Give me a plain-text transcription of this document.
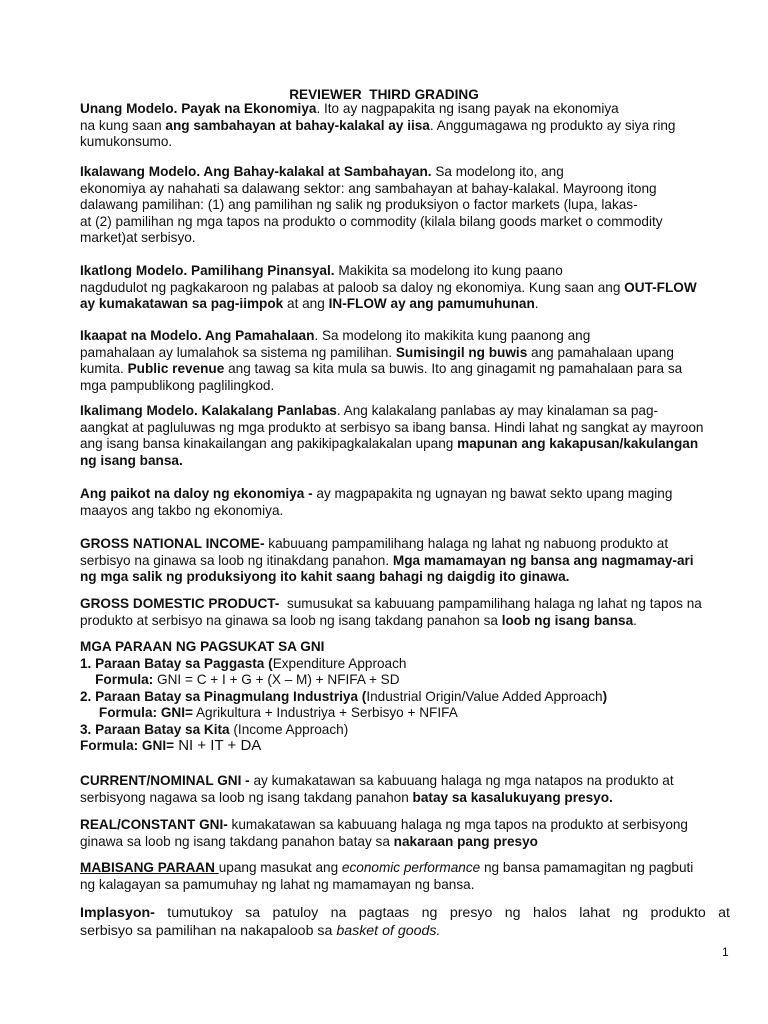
REVIEWER  THIRD GRADING
Unang Modelo. Payak na Ekonomiya. Ito ay nagpapakita ng isang payak na ekonomiya
na kung saan ang sambahayan at bahay-kalakal ay iisa. Anggumagawa ng produkto ay siya ring
kumukonsumo.
Ikalawang Modelo. Ang Bahay-kalakal at Sambahayan. Sa modelong ito, ang
ekonomiya ay nahahati sa dalawang sektor: ang sambahayan at bahay-kalakal. Mayroong itong
dalawang pamilihan: (1) ang pamilihan ng salik ng produksiyon o factor markets (lupa, lakas-
at (2) pamilihan ng mga tapos na produkto o commodity (kilala bilang goods market o commodity
market)at serbisyo.
Ikatlong Modelo. Pamilihang Pinansyal. Makikita sa modelong ito kung paano
nagdudulot ng pagkakaroon ng palabas at paloob sa daloy ng ekonomiya. Kung saan ang OUT-FLOW
ay kumakatawan sa pag-iimpok at ang IN-FLOW ay ang pamumuhunan.
Ikaapat na Modelo. Ang Pamahalaan. Sa modelong ito makikita kung paanong ang
pamahalaan ay lumalahok sa sistema ng pamilihan. Sumisingil ng buwis ang pamahalaan upang
kumita. Public revenue ang tawag sa kita mula sa buwis. Ito ang ginagamit ng pamahalaan para sa
mga pampublikong paglilingkod.
Ikalimang Modelo. Kalakalang Panlabas. Ang kalakalang panlabas ay may kinalaman sa pag-
aangkat at pagluluwas ng mga produkto at serbisyo sa ibang bansa. Hindi lahat ng sangkat ay mayroon
ang isang bansa kinakailangan ang pakikipagkalakalan upang mapunan ang kakapusan/kakulangan
ng isang bansa.
Ang paikot na daloy ng ekonomiya - ay magpapakita ng ugnayan ng bawat sekto upang maging
maayos ang takbo ng ekonomiya.
GROSS NATIONAL INCOME- kabuuang pampamilihang halaga ng lahat ng nabuong produkto at
serbisyo na ginawa sa loob ng itinakdang panahon. Mga mamamayan ng bansa ang nagmamay-ari
ng mga salik ng produksiyong ito kahit saang bahagi ng daigdig ito ginawa.
GROSS DOMESTIC PRODUCT-  sumusukat sa kabuuang pampamilihang halaga ng lahat ng tapos na
produkto at serbisyo na ginawa sa loob ng isang takdang panahon sa loob ng isang bansa.
MGA PARAAN NG PAGSUKAT SA GNI
1. Paraan Batay sa Paggasta (Expenditure Approach
Formula: GNI = C + I + G + (X – M) + NFIFA + SD
2. Paraan Batay sa Pinagmulang Industriya (Industrial Origin/Value Added Approach)
Formula: GNI= Agrikultura + Industriya + Serbisyo + NFIFA
3. Paraan Batay sa Kita (Income Approach)
Formula: GNI= NI + IT + DA
CURRENT/NOMINAL GNI - ay kumakatawan sa kabuuang halaga ng mga natapos na produkto at
serbisyong nagawa sa loob ng isang takdang panahon batay sa kasalukuyang presyo.
REAL/CONSTANT GNI- kumakatawan sa kabuuang halaga ng mga tapos na produkto at serbisyong
ginawa sa loob ng isang takdang panahon batay sa nakaraan pang presyo
MABISANG PARAAN upang masukat ang economic performance ng bansa pamamagitan ng pagbuti
ng kalagayan sa pamumuhay ng lahat ng mamamayan ng bansa.
Implasyon- tumutukoy sa patuloy na pagtaas ng presyo ng halos lahat ng produkto at
serbisyo sa pamilihan na nakapaloob sa basket of goods.
1
